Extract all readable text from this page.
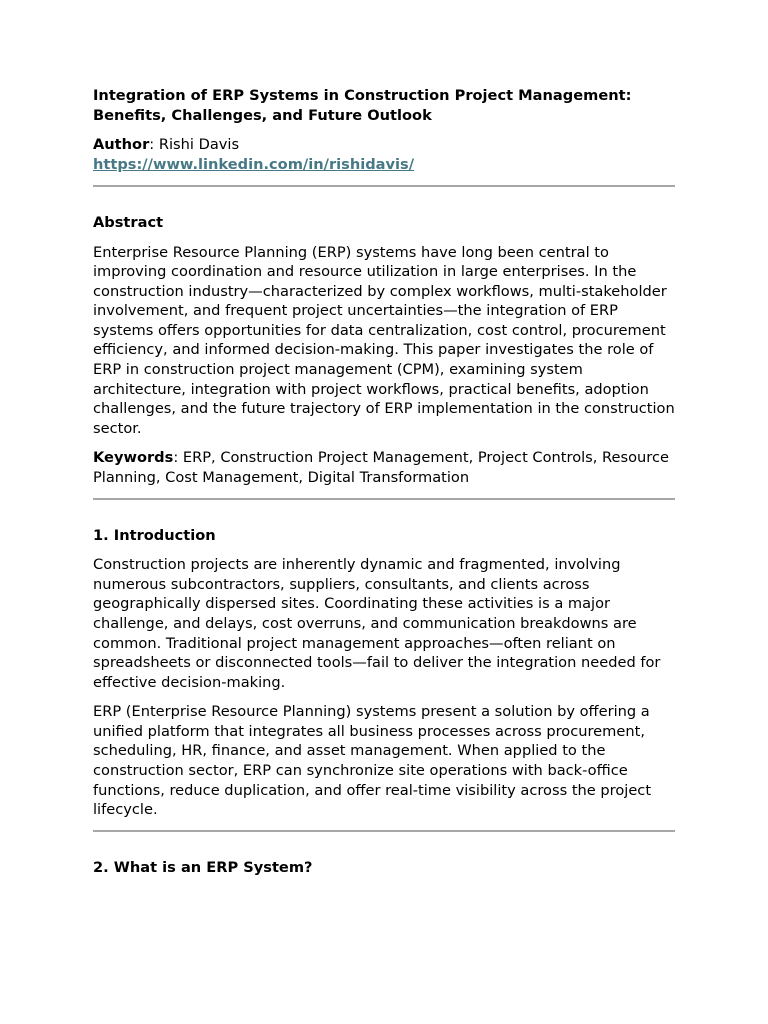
Integration of ERP Systems in Construction Project Management: Benefits, Challenges, and Future Outlook

Author: Rishi Davis

https://www.linkedin.com/in/rishidavis/
Abstract

Enterprise Resource Planning (ERP) systems have long been central to improving coordination and resource utilization in large enterprises. In the construction industry—characterized by complex workflows, multi-stakeholder involvement, and frequent project uncertainties—the integration of ERP systems offers opportunities for data centralization, cost control, procurement efficiency, and informed decision-making. This paper investigates the role of ERP in construction project management (CPM), examining system architecture, integration with project workflows, practical benefits, adoption challenges, and the future trajectory of ERP implementation in the construction sector.

Keywords: ERP, Construction Project Management, Project Controls, Resource Planning, Cost Management, Digital Transformation

1. Introduction

Construction projects are inherently dynamic and fragmented, involving numerous subcontractors, suppliers, consultants, and clients across geographically dispersed sites. Coordinating these activities is a major challenge, and delays, cost overruns, and communication breakdowns are common. Traditional project management approaches—often reliant on spreadsheets or disconnected tools—fail to deliver the integration needed for effective decision-making.

ERP (Enterprise Resource Planning) systems present a solution by offering a unified platform that integrates all business processes across procurement, scheduling, HR, finance, and asset management. When applied to the construction sector, ERP can synchronize site operations with back-office functions, reduce duplication, and offer real-time visibility across the project lifecycle.

2. What is an ERP System?
